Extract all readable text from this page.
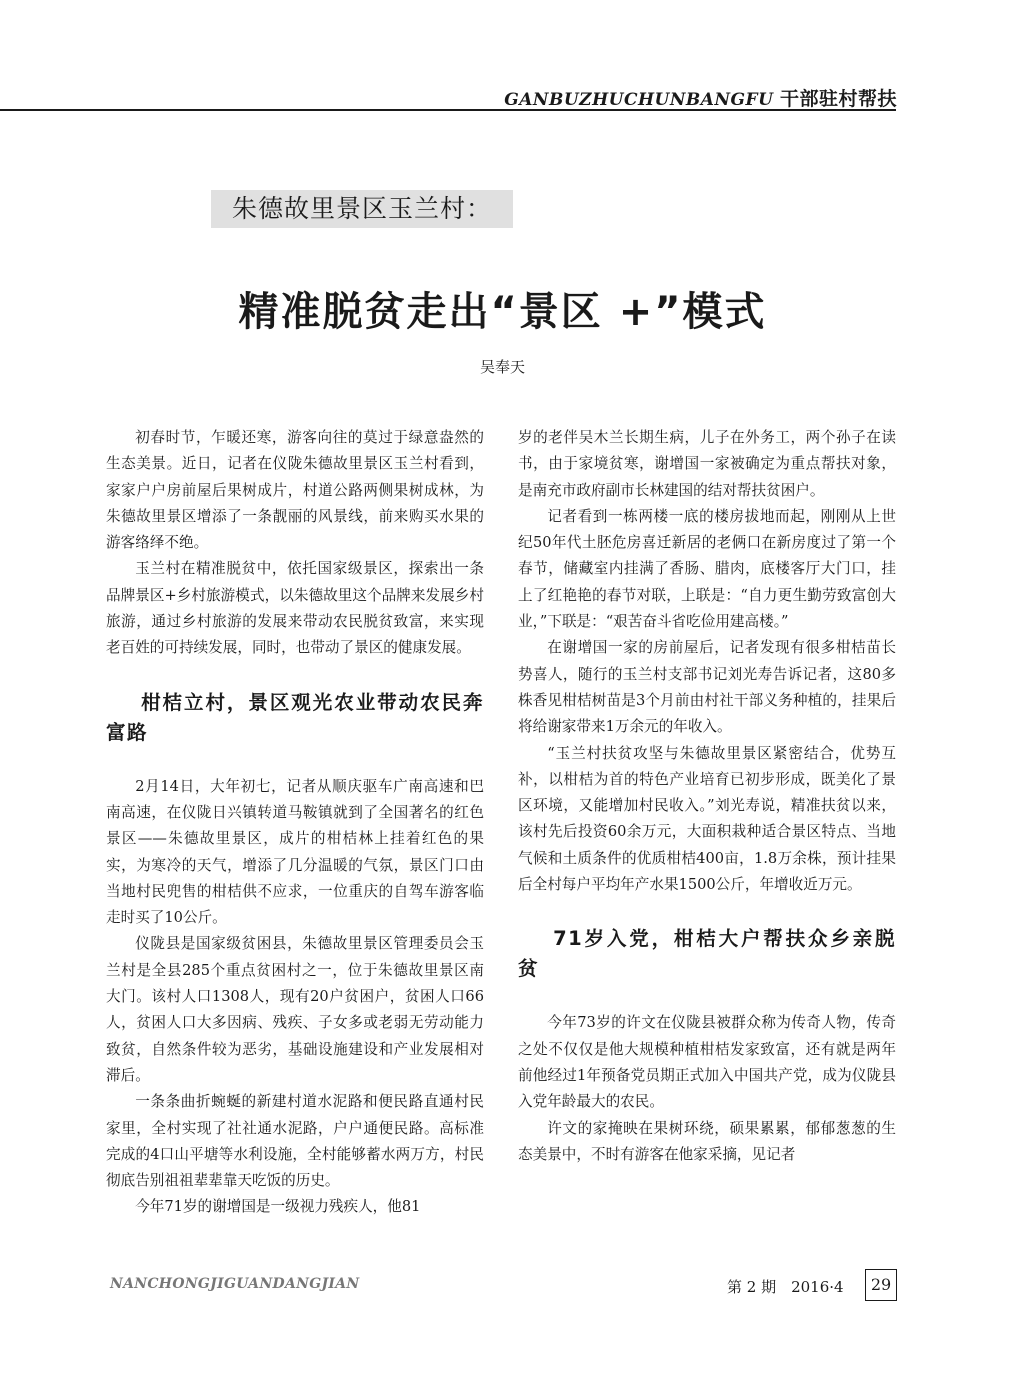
GANBUZHUCHUNBANGFU 干部驻村帮扶
朱德故里景区玉兰村：
精准脱贫走出“景区 +”模式
吴奉天

初春时节，乍暖还寒，游客向往的莫过于绿意盎然的生态美景。近日，记者在仪陇朱德故里景区玉兰村看到，家家户户房前屋后果树成片，村道公路两侧果树成林，为朱德故里景区增添了一条靓丽的风景线，前来购买水果的游客络绎不绝。

玉兰村在精准脱贫中，依托国家级景区，探索出一条品牌景区+乡村旅游模式，以朱德故里这个品牌来发展乡村旅游，通过乡村旅游的发展来带动农民脱贫致富，来实现老百姓的可持续发展，同时，也带动了景区的健康发展。

柑桔立村，景区观光农业带动农民奔富路

2月14日，大年初七，记者从顺庆驱车广南高速和巴南高速，在仪陇日兴镇转道马鞍镇就到了全国著名的红色景区——朱德故里景区，成片的柑桔林上挂着红色的果实，为寒冷的天气，增添了几分温暖的气氛，景区门口由当地村民兜售的柑桔供不应求，一位重庆的自驾车游客临走时买了10公斤。

仪陇县是国家级贫困县，朱德故里景区管理委员会玉兰村是全县285个重点贫困村之一，位于朱德故里景区南大门。该村人口1308人，现有20户贫困户，贫困人口66人，贫困人口大多因病、残疾、子女多或老弱无劳动能力致贫，自然条件较为恶劣，基础设施建设和产业发展相对滞后。

一条条曲折蜿蜒的新建村道水泥路和便民路直通村民家里，全村实现了社社通水泥路，户户通便民路。高标准完成的4口山平塘等水利设施，全村能够蓄水两万方，村民彻底告别祖祖辈辈靠天吃饭的历史。

今年71岁的谢增国是一级视力残疾人，他81

岁的老伴吴木兰长期生病，儿子在外务工，两个孙子在读书，由于家境贫寒，谢增国一家被确定为重点帮扶对象，是南充市政府副市长林建国的结对帮扶贫困户。

记者看到一栋两楼一底的楼房拔地而起，刚刚从上世纪50年代土胚危房喜迁新居的老俩口在新房度过了第一个春节，储藏室内挂满了香肠、腊肉，底楼客厅大门口，挂上了红艳艳的春节对联，上联是：“自力更生勤劳致富创大业，”下联是：“艰苦奋斗省吃俭用建高楼。”

在谢增国一家的房前屋后，记者发现有很多柑桔苗长势喜人，随行的玉兰村支部书记刘光寿告诉记者，这80多株香见柑桔树苗是3个月前由村社干部义务种植的，挂果后将给谢家带来1万余元的年收入。

“玉兰村扶贫攻坚与朱德故里景区紧密结合，优势互补，以柑桔为首的特色产业培育已初步形成，既美化了景区环境，又能增加村民收入。”刘光寿说，精准扶贫以来，该村先后投资60余万元，大面积栽种适合景区特点、当地气候和土质条件的优质柑桔400亩，1.8万余株，预计挂果后全村每户平均年产水果1500公斤，年增收近万元。

71岁入党，柑桔大户帮扶众乡亲脱贫

今年73岁的许文在仪陇县被群众称为传奇人物，传奇之处不仅仅是他大规模种植柑桔发家致富，还有就是两年前他经过1年预备党员期正式加入中国共产党，成为仪陇县入党年龄最大的农民。

许文的家掩映在果树环绕，硕果累累，郁郁葱葱的生态美景中，不时有游客在他家采摘，见记者

NANCHONGJIGUANDANGJIAN	第 2 期　2016·4	29
